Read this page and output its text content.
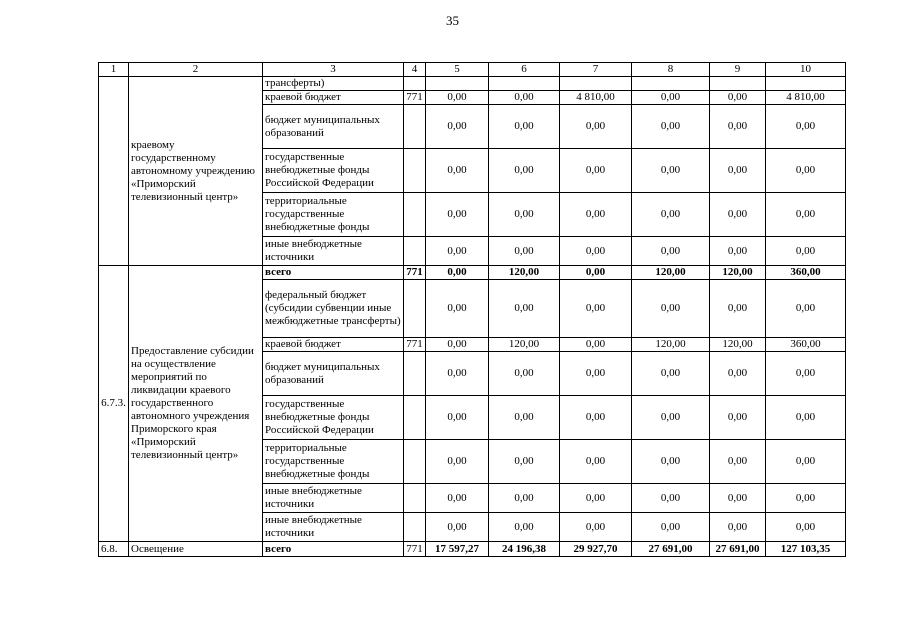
35
1	2	3	4	5	6	7	8	9	10
	краевому государственному автономному учреждению «Приморский телевизионный центр»	трансферты)							
		краевой бюджет	771	0,00	0,00	4 810,00	0,00	0,00	4 810,00
		бюджет муниципальных образований		0,00	0,00	0,00	0,00	0,00	0,00
		государственные внебюджетные фонды Российской Федерации		0,00	0,00	0,00	0,00	0,00	0,00
		территориальные государственные внебюджетные фонды		0,00	0,00	0,00	0,00	0,00	0,00
		иные внебюджетные источники		0,00	0,00	0,00	0,00	0,00	0,00
6.7.3.	Предоставление субсидии на осуществление мероприятий по ликвидации краевого государственного автономного учреждения Приморского края «Приморский телевизионный центр»	всего	771	0,00	120,00	0,00	120,00	120,00	360,00
		федеральный бюджет (субсидии субвенции иные межбюджетные трансферты)		0,00	0,00	0,00	0,00	0,00	0,00
		краевой бюджет	771	0,00	120,00	0,00	120,00	120,00	360,00
		бюджет муниципальных образований		0,00	0,00	0,00	0,00	0,00	0,00
		государственные внебюджетные фонды Российской Федерации		0,00	0,00	0,00	0,00	0,00	0,00
		территориальные государственные внебюджетные фонды		0,00	0,00	0,00	0,00	0,00	0,00
		иные внебюджетные источники		0,00	0,00	0,00	0,00	0,00	0,00
		иные внебюджетные источники		0,00	0,00	0,00	0,00	0,00	0,00
6.8.	Освещение	всего	771	17 597,27	24 196,38	29 927,70	27 691,00	27 691,00	127 103,35
